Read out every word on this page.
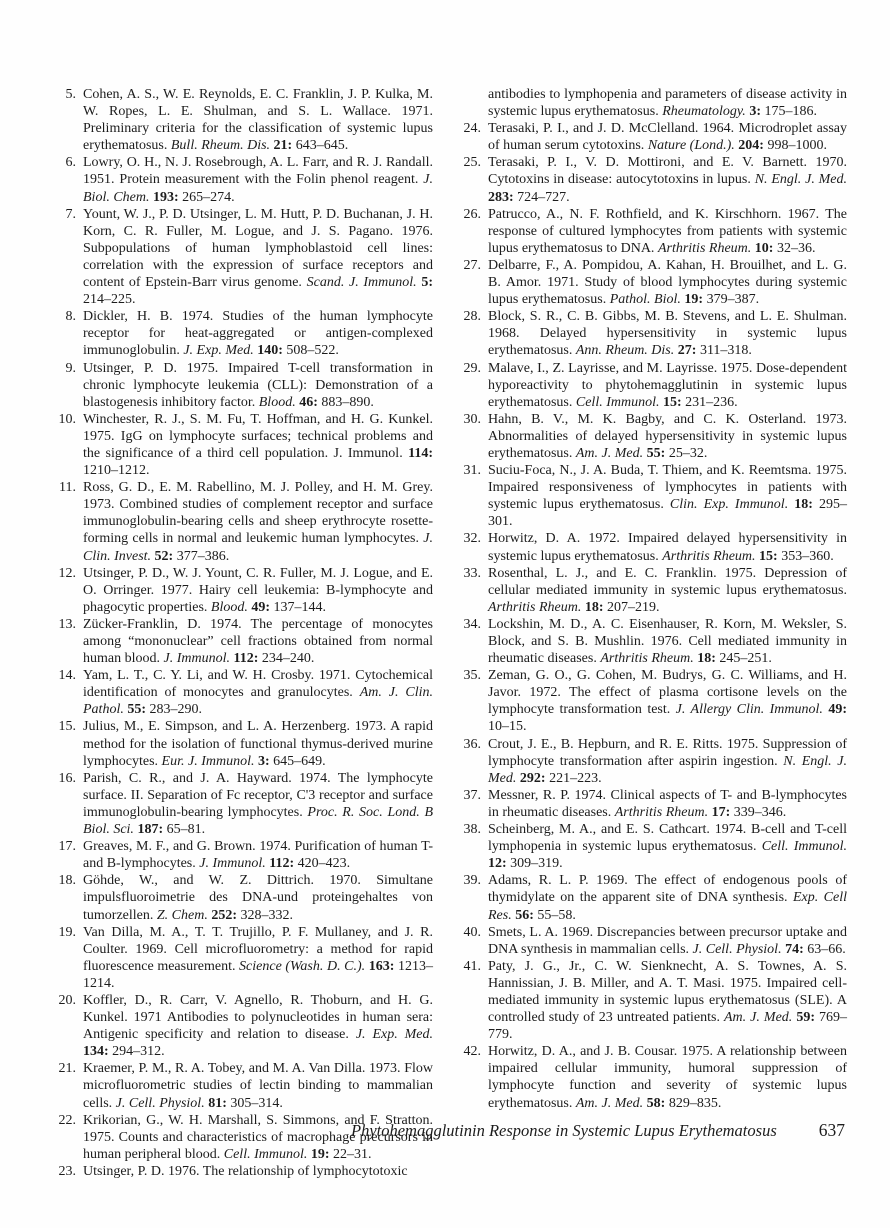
5. Cohen, A. S., W. E. Reynolds, E. C. Franklin, J. P. Kulka, M. W. Ropes, L. E. Shulman, and S. L. Wallace. 1971. Preliminary criteria for the classification of systemic lupus erythematosus. Bull. Rheum. Dis. 21: 643–645.
6. Lowry, O. H., N. J. Rosebrough, A. L. Farr, and R. J. Randall. 1951. Protein measurement with the Folin phenol reagent. J. Biol. Chem. 193: 265–274.
7. Yount, W. J., P. D. Utsinger, L. M. Hutt, P. D. Buchanan, J. H. Korn, C. R. Fuller, M. Logue, and J. S. Pagano. 1976. Subpopulations of human lymphoblastoid cell lines: correlation with the expression of surface receptors and content of Epstein-Barr virus genome. Scand. J. Immunol. 5: 214–225.
8. Dickler, H. B. 1974. Studies of the human lymphocyte receptor for heat-aggregated or antigen-complexed immunoglobulin. J. Exp. Med. 140: 508–522.
9. Utsinger, P. D. 1975. Impaired T-cell transformation in chronic lymphocyte leukemia (CLL): Demonstration of a blastogenesis inhibitory factor. Blood. 46: 883–890.
10. Winchester, R. J., S. M. Fu, T. Hoffman, and H. G. Kunkel. 1975. IgG on lymphocyte surfaces; technical problems and the significance of a third cell population. J. Immunol. 114: 1210–1212.
11. Ross, G. D., E. M. Rabellino, M. J. Polley, and H. M. Grey. 1973. Combined studies of complement receptor and surface immunoglobulin-bearing cells and sheep erythrocyte rosette-forming cells in normal and leukemic human lymphocytes. J. Clin. Invest. 52: 377–386.
12. Utsinger, P. D., W. J. Yount, C. R. Fuller, M. J. Logue, and E. O. Orringer. 1977. Hairy cell leukemia: B-lymphocyte and phagocytic properties. Blood. 49: 137–144.
13. Zücker-Franklin, D. 1974. The percentage of monocytes among “mononuclear” cell fractions obtained from normal human blood. J. Immunol. 112: 234–240.
14. Yam, L. T., C. Y. Li, and W. H. Crosby. 1971. Cytochemical identification of monocytes and granulocytes. Am. J. Clin. Pathol. 55: 283–290.
15. Julius, M., E. Simpson, and L. A. Herzenberg. 1973. A rapid method for the isolation of functional thymus-derived murine lymphocytes. Eur. J. Immunol. 3: 645–649.
16. Parish, C. R., and J. A. Hayward. 1974. The lymphocyte surface. II. Separation of Fc receptor, C'3 receptor and surface immunoglobulin-bearing lymphocytes. Proc. R. Soc. Lond. B Biol. Sci. 187: 65–81.
17. Greaves, M. F., and G. Brown. 1974. Purification of human T- and B-lymphocytes. J. Immunol. 112: 420–423.
18. Göhde, W., and W. Z. Dittrich. 1970. Simultane impulsfluoroimetrie des DNA-und proteingehaltes von tumorzellen. Z. Chem. 252: 328–332.
19. Van Dilla, M. A., T. T. Trujillo, P. F. Mullaney, and J. R. Coulter. 1969. Cell microfluorometry: a method for rapid fluorescence measurement. Science (Wash. D. C.). 163: 1213–1214.
20. Koffler, D., R. Carr, V. Agnello, R. Thoburn, and H. G. Kunkel. 1971 Antibodies to polynucleotides in human sera: Antigenic specificity and relation to disease. J. Exp. Med. 134: 294–312.
21. Kraemer, P. M., R. A. Tobey, and M. A. Van Dilla. 1973. Flow microfluorometric studies of lectin binding to mammalian cells. J. Cell. Physiol. 81: 305–314.
22. Krikorian, G., W. H. Marshall, S. Simmons, and F. Stratton. 1975. Counts and characteristics of macrophage precursors in human peripheral blood. Cell. Immunol. 19: 22–31.
23. Utsinger, P. D. 1976. The relationship of lymphocytotoxic
antibodies to lymphopenia and parameters of disease activity in systemic lupus erythematosus. Rheumatology. 3: 175–186.
24. Terasaki, P. I., and J. D. McClelland. 1964. Microdroplet assay of human serum cytotoxins. Nature (Lond.). 204: 998–1000.
25. Terasaki, P. I., V. D. Mottironi, and E. V. Barnett. 1970. Cytotoxins in disease: autocytotoxins in lupus. N. Engl. J. Med. 283: 724–727.
26. Patrucco, A., N. F. Rothfield, and K. Kirschhorn. 1967. The response of cultured lymphocytes from patients with systemic lupus erythematosus to DNA. Arthritis Rheum. 10: 32–36.
27. Delbarre, F., A. Pompidou, A. Kahan, H. Brouilhet, and L. G. B. Amor. 1971. Study of blood lymphocytes during systemic lupus erythematosus. Pathol. Biol. 19: 379–387.
28. Block, S. R., C. B. Gibbs, M. B. Stevens, and L. E. Shulman. 1968. Delayed hypersensitivity in systemic lupus erythematosus. Ann. Rheum. Dis. 27: 311–318.
29. Malave, I., Z. Layrisse, and M. Layrisse. 1975. Dose-dependent hyporeactivity to phytohemagglutinin in systemic lupus erythematosus. Cell. Immunol. 15: 231–236.
30. Hahn, B. V., M. K. Bagby, and C. K. Osterland. 1973. Abnormalities of delayed hypersensitivity in systemic lupus erythematosus. Am. J. Med. 55: 25–32.
31. Suciu-Foca, N., J. A. Buda, T. Thiem, and K. Reemtsma. 1975. Impaired responsiveness of lymphocytes in patients with systemic lupus erythematosus. Clin. Exp. Immunol. 18: 295–301.
32. Horwitz, D. A. 1972. Impaired delayed hypersensitivity in systemic lupus erythematosus. Arthritis Rheum. 15: 353–360.
33. Rosenthal, L. J., and E. C. Franklin. 1975. Depression of cellular mediated immunity in systemic lupus erythematosus. Arthritis Rheum. 18: 207–219.
34. Lockshin, M. D., A. C. Eisenhauser, R. Korn, M. Weksler, S. Block, and S. B. Mushlin. 1976. Cell mediated immunity in rheumatic diseases. Arthritis Rheum. 18: 245–251.
35. Zeman, G. O., G. Cohen, M. Budrys, G. C. Williams, and H. Javor. 1972. The effect of plasma cortisone levels on the lymphocyte transformation test. J. Allergy Clin. Immunol. 49: 10–15.
36. Crout, J. E., B. Hepburn, and R. E. Ritts. 1975. Suppression of lymphocyte transformation after aspirin ingestion. N. Engl. J. Med. 292: 221–223.
37. Messner, R. P. 1974. Clinical aspects of T- and B-lymphocytes in rheumatic diseases. Arthritis Rheum. 17: 339–346.
38. Scheinberg, M. A., and E. S. Cathcart. 1974. B-cell and T-cell lymphopenia in systemic lupus erythematosus. Cell. Immunol. 12: 309–319.
39. Adams, R. L. P. 1969. The effect of endogenous pools of thymidylate on the apparent site of DNA synthesis. Exp. Cell Res. 56: 55–58.
40. Smets, L. A. 1969. Discrepancies between precursor uptake and DNA synthesis in mammalian cells. J. Cell. Physiol. 74: 63–66.
41. Paty, J. G., Jr., C. W. Sienknecht, A. S. Townes, A. S. Hannissian, J. B. Miller, and A. T. Masi. 1975. Impaired cell-mediated immunity in systemic lupus erythematosus (SLE). A controlled study of 23 untreated patients. Am. J. Med. 59: 769–779.
42. Horwitz, D. A., and J. B. Cousar. 1975. A relationship between impaired cellular immunity, humoral suppression of lymphocyte function and severity of systemic lupus erythematosus. Am. J. Med. 58: 829–835.
Phytohemagglutinin Response in Systemic Lupus Erythematosus 637
